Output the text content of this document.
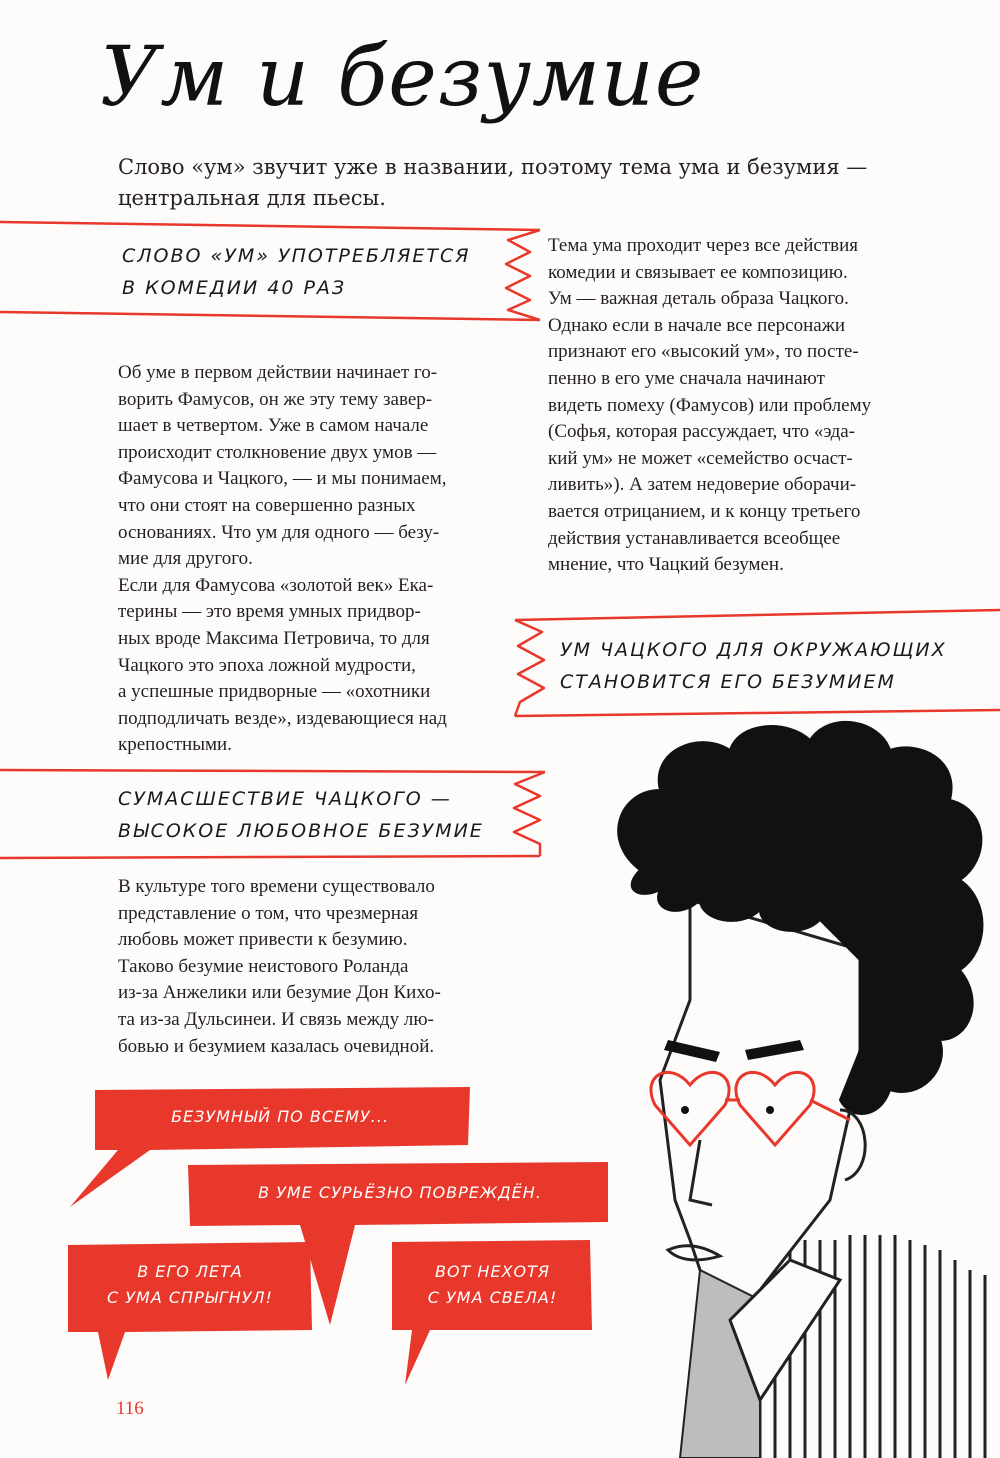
Ум и безумие
Слово «ум» звучит уже в названии, поэтому тема ума и безумия — центральная для пьесы.
СЛОВО «УМ» УПОТРЕБЛЯЕТСЯ
В КОМЕДИИ 40 РАЗ
УМ ЧАЦКОГО ДЛЯ ОКРУЖАЮЩИХ
СТАНОВИТСЯ ЕГО БЕЗУМИЕМ
СУМАСШЕСТВИЕ ЧАЦКОГО —
ВЫСОКОЕ ЛЮБОВНОЕ БЕЗУМИЕ
Тема ума проходит через все действия
комедии и связывает ее композицию.
Ум — важная деталь образа Чацкого.
Однако если в начале все персонажи
признают его «высокий ум», то посте-
пенно в его уме сначала начинают
видеть помеху (Фамусов) или проблему
(Софья, которая рассуждает, что «эда-
кий ум» не может «семейство осчаст-
ливить»). А затем недоверие оборачи-
вается отрицанием, и к концу третьего
действия устанавливается всеобщее
мнение, что Чацкий безумен.
Об уме в первом действии начинает го-
ворить Фамусов, он же эту тему завер-
шает в четвертом. Уже в самом начале
происходит столкновение двух умов —
Фамусова и Чацкого, — и мы понимаем,
что они стоят на совершенно разных
основаниях. Что ум для одного — безу-
мие для другого.
Если для Фамусова «золотой век» Ека-
терины — это время умных придвор-
ных вроде Максима Петровича, то для
Чацкого это эпоха ложной мудрости,
а успешные придворные — «охотники
подподличать везде», издевающиеся над
крепостными.
В культуре того времени существовало
представление о том, что чрезмерная
любовь может привести к безумию.
Таково безумие неистового Роланда
из-за Анжелики или безумие Дон Кихо-
та из-за Дульсинеи. И связь между лю-
бовью и безумием казалась очевидной.
БЕЗУМНЫЙ ПО ВСЕМУ...
В УМЕ СУРЬЁЗНО ПОВРЕЖДЁН.
В ЕГО ЛЕТА
С УМА СПРЫГНУЛ!
ВОТ НЕХОТЯ
С УМА СВЕЛА!
116
